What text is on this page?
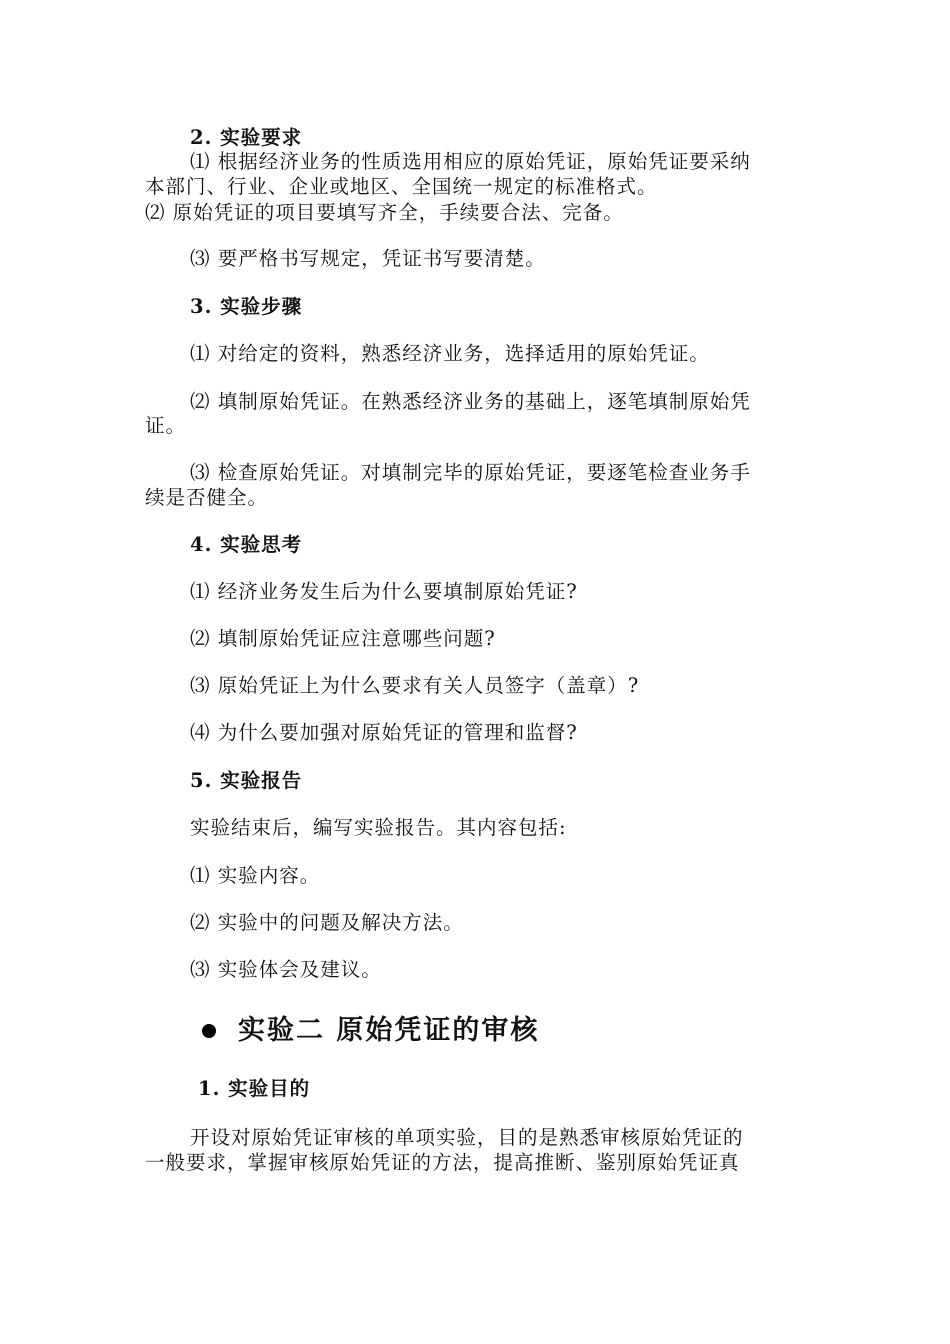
2. 实验要求
⑴ 根据经济业务的性质选用相应的原始凭证，原始凭证要采纳
本部门、行业、企业或地区、全国统一规定的标准格式。
⑵ 原始凭证的项目要填写齐全，手续要合法、完备。
⑶ 要严格书写规定，凭证书写要清楚。
3. 实验步骤
⑴ 对给定的资料，熟悉经济业务，选择适用的原始凭证。
⑵ 填制原始凭证。在熟悉经济业务的基础上，逐笔填制原始凭
证。
⑶ 检查原始凭证。对填制完毕的原始凭证，要逐笔检查业务手
续是否健全。
4. 实验思考
⑴ 经济业务发生后为什么要填制原始凭证?
⑵ 填制原始凭证应注意哪些问题?
⑶ 原始凭证上为什么要求有关人员签字（盖章）?
⑷ 为什么要加强对原始凭证的管理和监督?
5. 实验报告
实验结束后，编写实验报告。其内容包括:
⑴ 实验内容。
⑵ 实验中的问题及解决方法。
⑶ 实验体会及建议。
实验二 原始凭证的审核
1. 实验目的
开设对原始凭证审核的单项实验，目的是熟悉审核原始凭证的
一般要求，掌握审核原始凭证的方法，提高推断、鉴别原始凭证真
